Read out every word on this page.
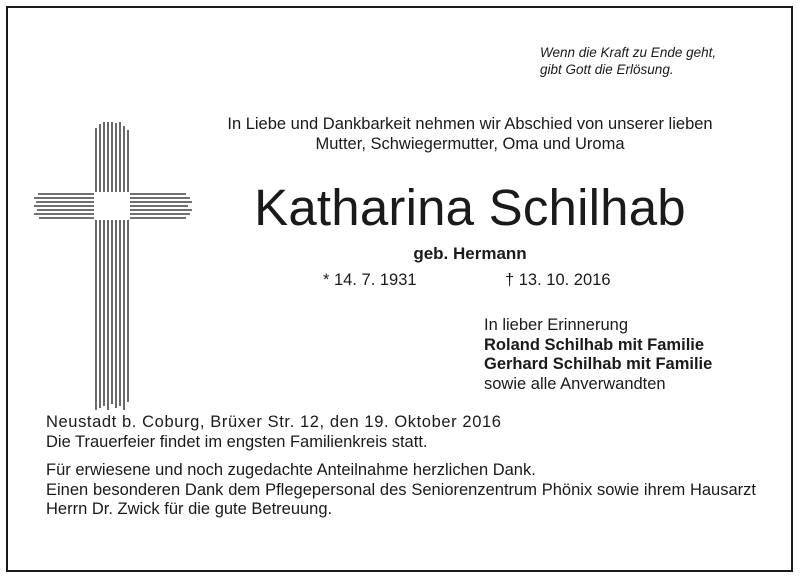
Wenn die Kraft zu Ende geht,
gibt Gott die Erlösung.
In Liebe und Dankbarkeit nehmen wir Abschied von unserer lieben
Mutter, Schwiegermutter, Oma und Uroma
Katharina Schilhab
geb. Hermann
* 14. 7. 1931	† 13. 10. 2016
In lieber Erinnerung
Roland Schilhab mit Familie
Gerhard Schilhab mit Familie
sowie alle Anverwandten
Neustadt b. Coburg, Brüxer Str. 12, den 19. Oktober 2016
Die Trauerfeier findet im engsten Familienkreis statt.
Für erwiesene und noch zugedachte Anteilnahme herzlichen Dank.
Einen besonderen Dank dem Pflegepersonal des Seniorenzentrum Phönix sowie ihrem Hausarzt Herrn Dr. Zwick für die gute Betreuung.
